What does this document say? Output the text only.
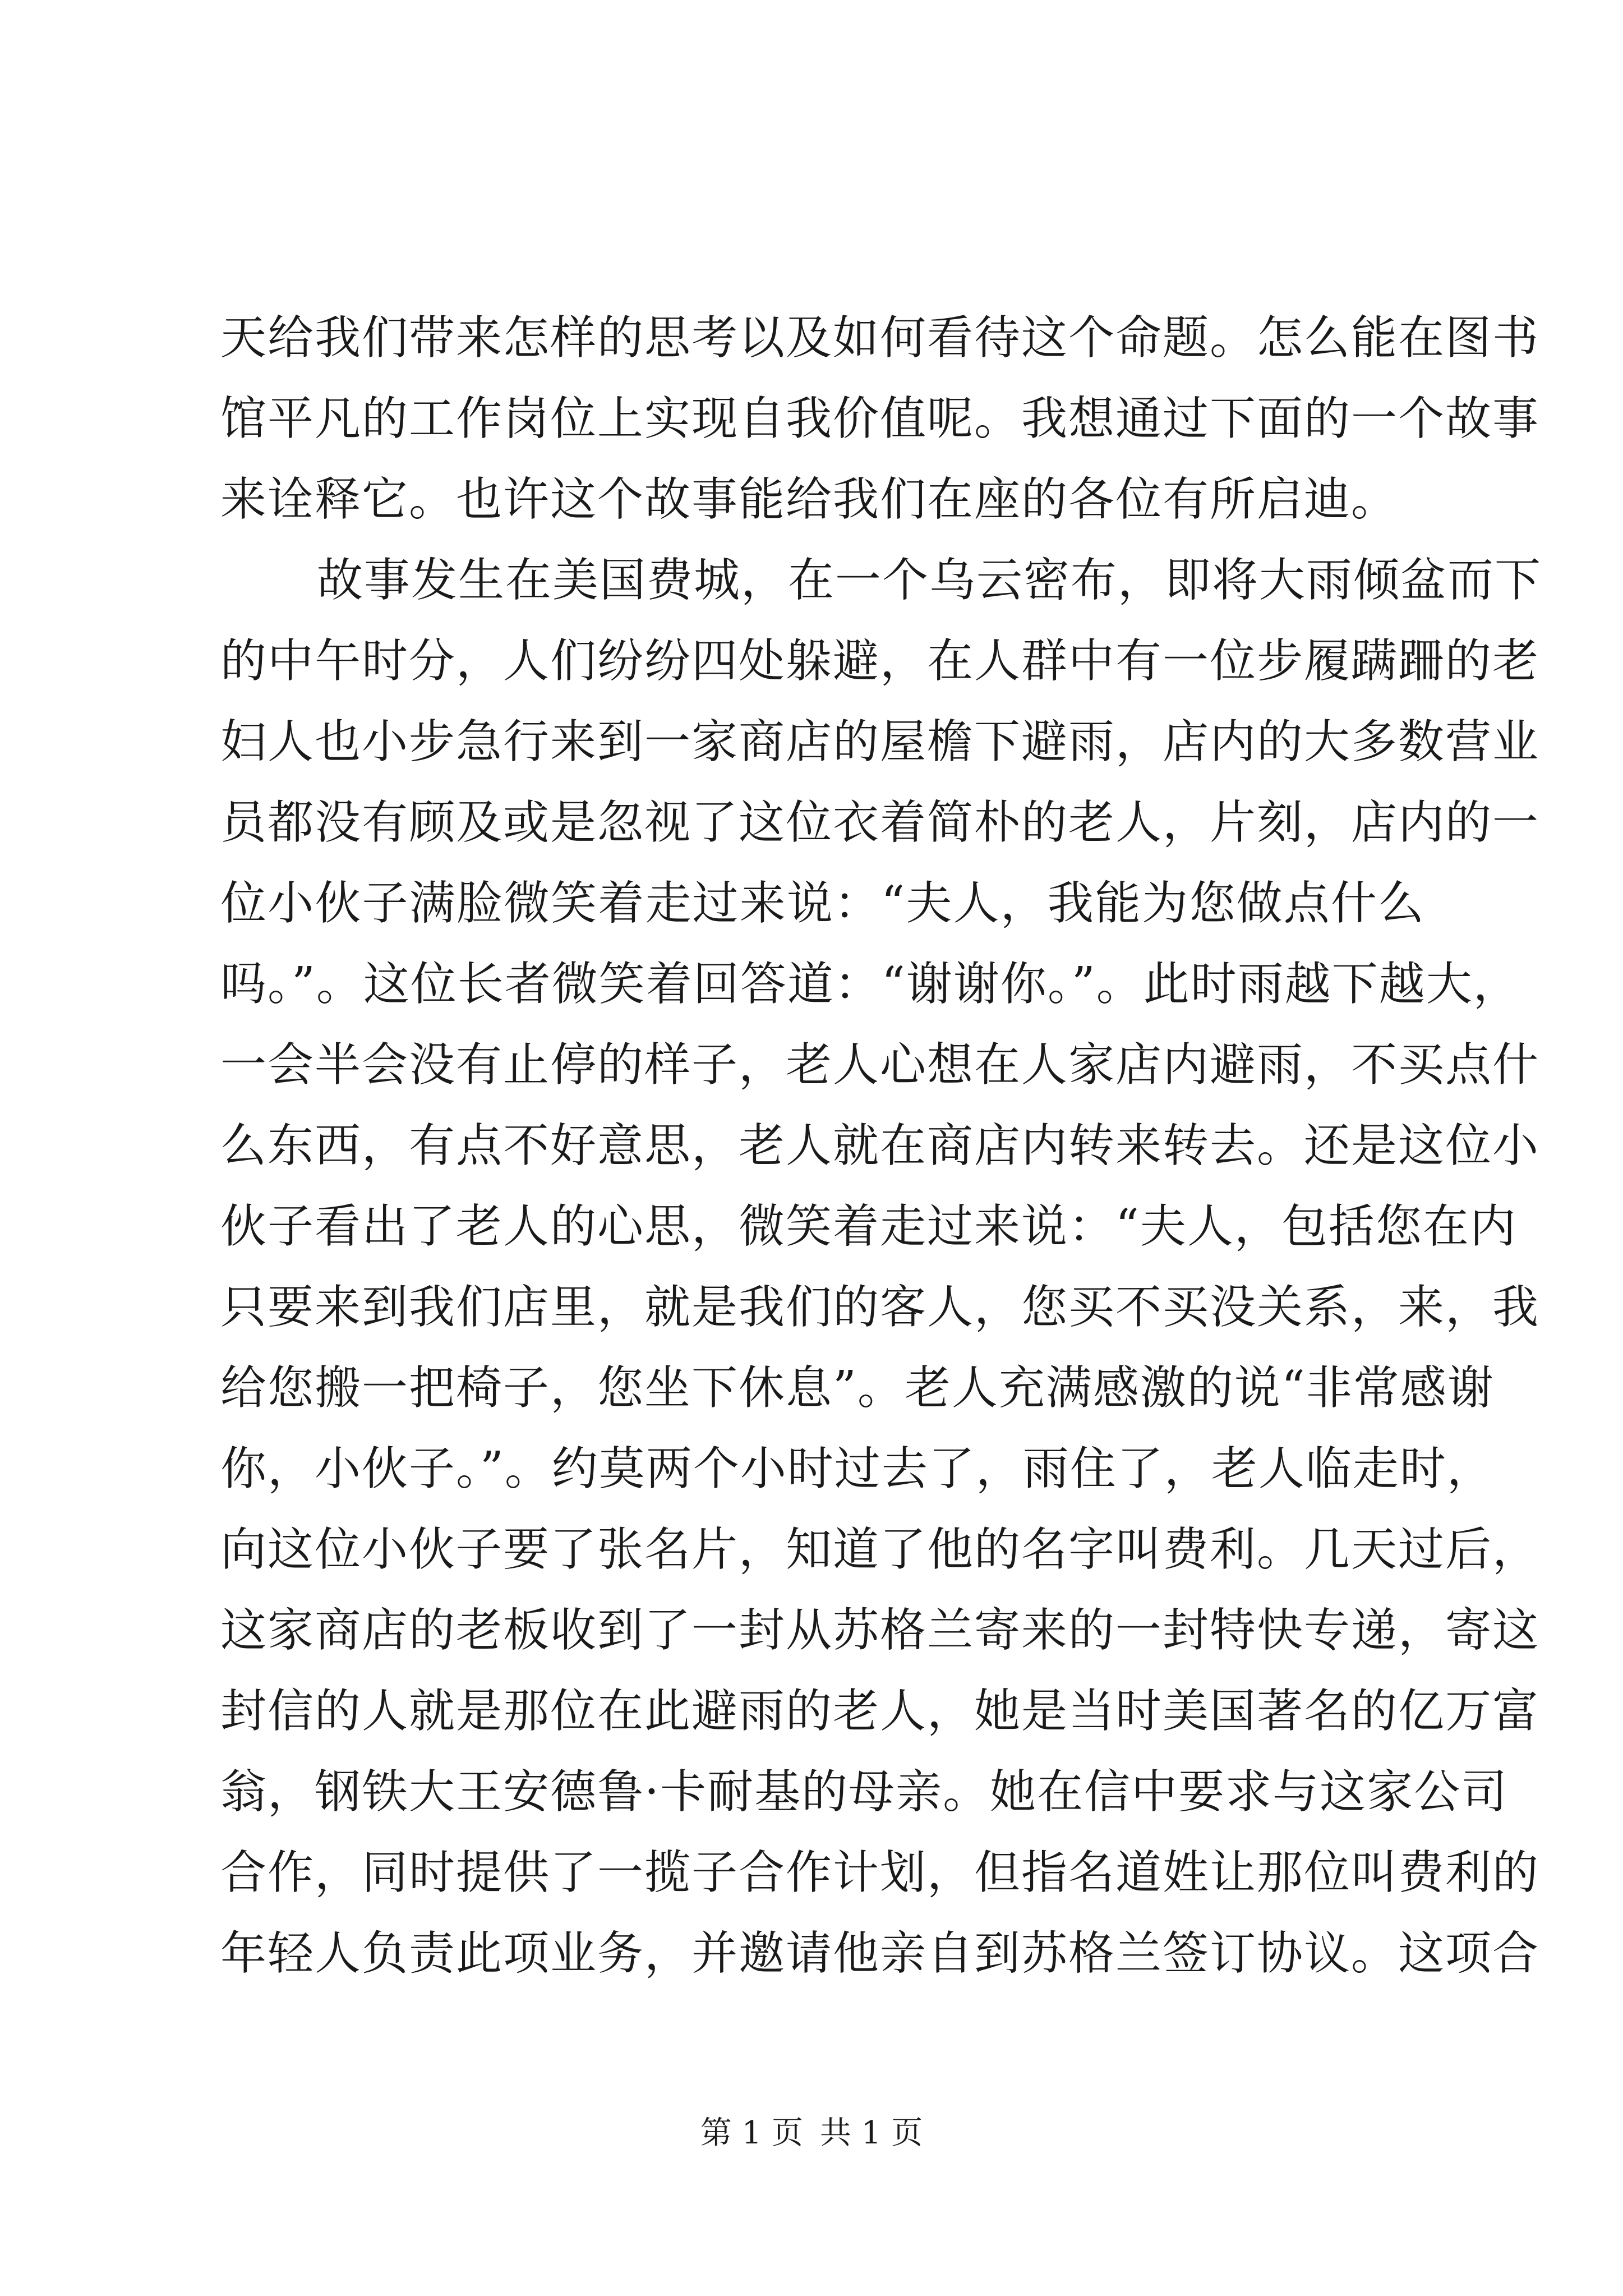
天给我们带来怎样的思考以及如何看待这个命题。怎么能在图书
馆平凡的工作岗位上实现自我价值呢。我想通过下面的一个故事
来诠释它。也许这个故事能给我们在座的各位有所启迪。
故事发生在美国费城，在一个乌云密布，即将大雨倾盆而下
的中午时分，人们纷纷四处躲避，在人群中有一位步履蹒跚的老
妇人也小步急行来到一家商店的屋檐下避雨，店内的大多数营业
员都没有顾及或是忽视了这位衣着简朴的老人，片刻，店内的一
位小伙子满脸微笑着走过来说：“夫人，我能为您做点什么
吗。”。这位长者微笑着回答道：“谢谢你。”。此时雨越下越大，
一会半会没有止停的样子，老人心想在人家店内避雨，不买点什
么东西，有点不好意思，老人就在商店内转来转去。还是这位小
伙子看出了老人的心思，微笑着走过来说：“夫人，包括您在内
只要来到我们店里，就是我们的客人，您买不买没关系，来，我
给您搬一把椅子，您坐下休息”。老人充满感激的说“非常感谢
你，小伙子。”。约莫两个小时过去了，雨住了，老人临走时，
向这位小伙子要了张名片，知道了他的名字叫费利。几天过后，
这家商店的老板收到了一封从苏格兰寄来的一封特快专递，寄这
封信的人就是那位在此避雨的老人，她是当时美国著名的亿万富
翁，钢铁大王安德鲁·卡耐基的母亲。她在信中要求与这家公司
合作，同时提供了一揽子合作计划，但指名道姓让那位叫费利的
年轻人负责此项业务，并邀请他亲自到苏格兰签订协议。这项合
第 1 页 共 1 页
